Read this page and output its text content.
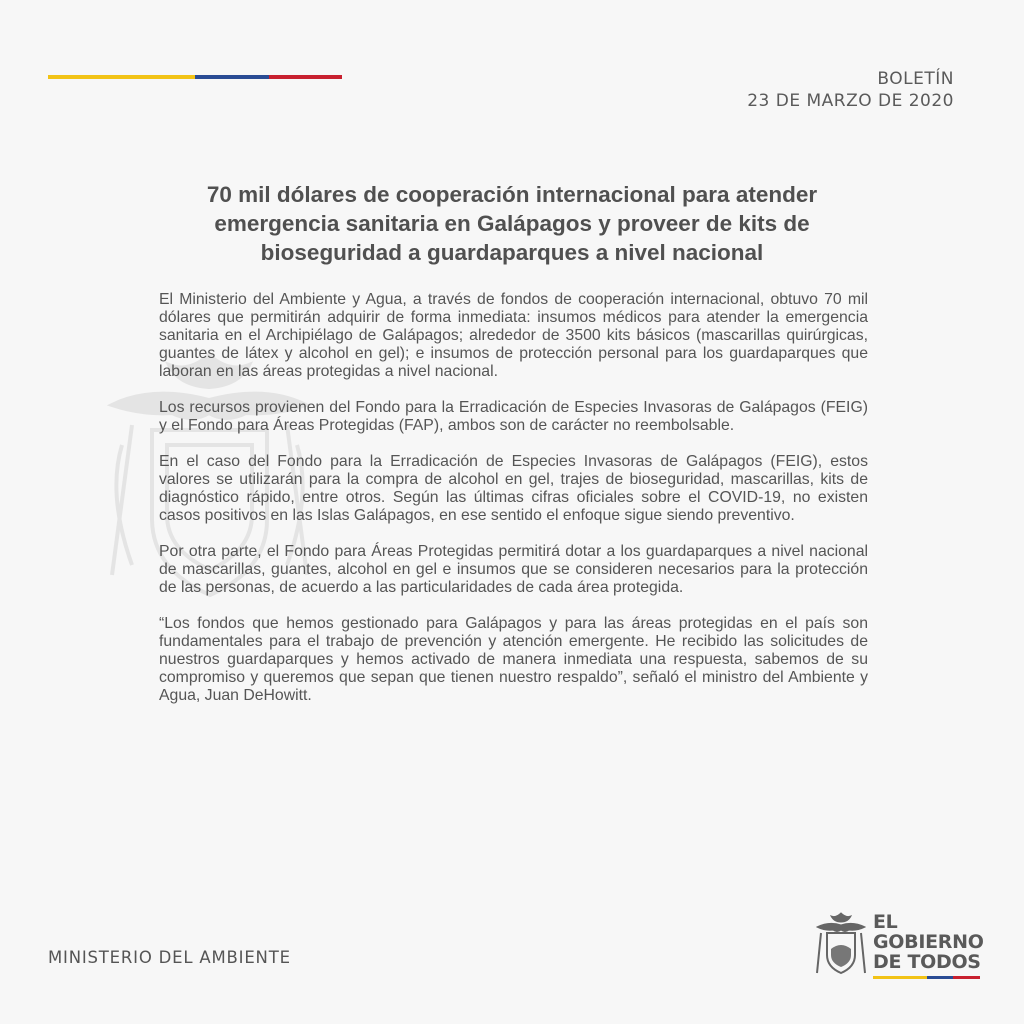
BOLETÍN
23 DE MARZO DE 2020
70 mil dólares de cooperación internacional para atender
emergencia sanitaria en Galápagos y proveer de kits de
bioseguridad a guardaparques a nivel nacional

El Ministerio del Ambiente y Agua, a través de fondos de cooperación internacional, obtuvo 70 mil dólares que permitirán adquirir de forma inmediata: insumos médicos para atender la emergencia sanitaria en el Archipiélago de Galápagos; alrededor de 3500 kits básicos (mascarillas quirúrgicas, guantes de látex y alcohol en gel); e insumos de protección personal para los guardaparques que laboran en las áreas protegidas a nivel nacional.

Los recursos provienen del Fondo para la Erradicación de Especies Invasoras de Galápagos (FEIG) y el Fondo para Áreas Protegidas (FAP), ambos son de carácter no reembolsable.

En el caso del Fondo para la Erradicación de Especies Invasoras de Galápagos (FEIG), estos valores se utilizarán para la compra de alcohol en gel, trajes de bioseguridad, mascarillas, kits de diagnóstico rápido, entre otros. Según las últimas cifras oficiales sobre el COVID-19, no existen casos positivos en las Islas Galápagos, en ese sentido el enfoque sigue siendo preventivo.

Por otra parte, el Fondo para Áreas Protegidas permitirá dotar a los guardaparques a nivel nacional de mascarillas, guantes, alcohol en gel e insumos que se consideren necesarios para la protección de las personas, de acuerdo a las particularidades de cada área protegida.

“Los fondos que hemos gestionado para Galápagos y para las áreas protegidas en el país son fundamentales para el trabajo de prevención y atención emergente. He recibido las solicitudes de nuestros guardaparques y hemos activado de manera inmediata una respuesta, sabemos de su compromiso y queremos que sepan que tienen nuestro respaldo”, señaló el ministro del Ambiente y Agua, Juan DeHowitt.

MINISTERIO DEL AMBIENTE
EL
GOBIERNO
DE TODOS
